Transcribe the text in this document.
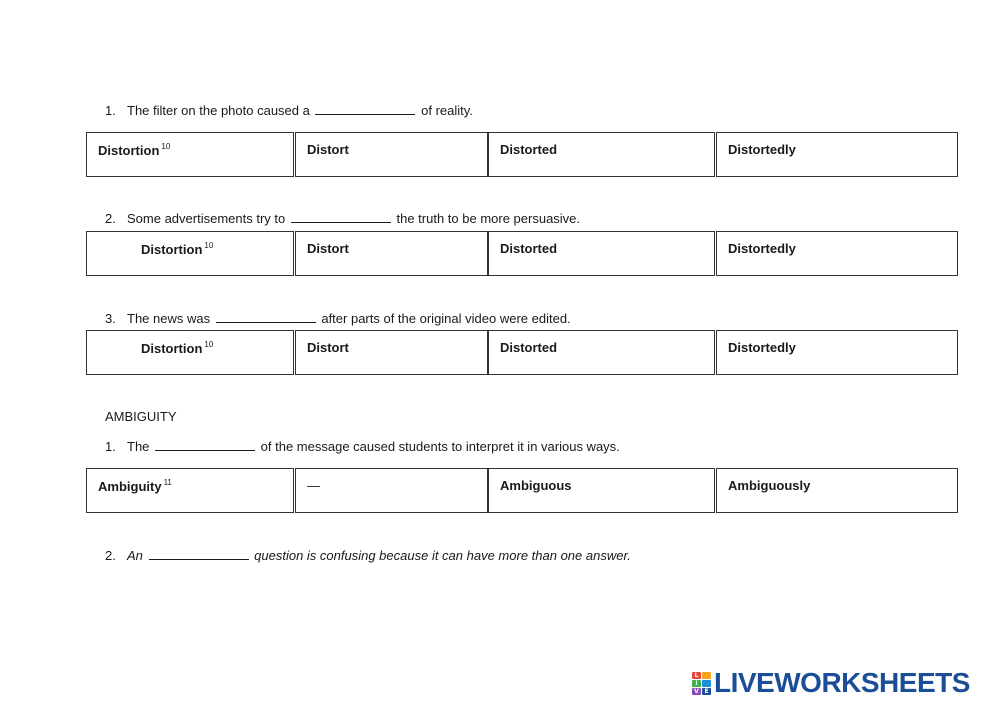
1. The filter on the photo caused a	of reality.
Distortion $^{10}$	Distort	Distorted	Distortedly
2. Some advertisements try to	the truth to be more persuasive.
Distortion $^{10}$	Distort	Distorted	Distortedly
3. The news was	after parts of the original video were edited.
Distortion $^{10}$	Distort	Distorted	Distortedly
AMBIGUITY
1. The	of the message caused students to interpret it in various ways.
Ambiguity $^{11}$	—	Ambiguous	Ambiguously
2. An	question is confusing because it can have more than one answer.
L
I
V E LIVEWORKSHEETS
